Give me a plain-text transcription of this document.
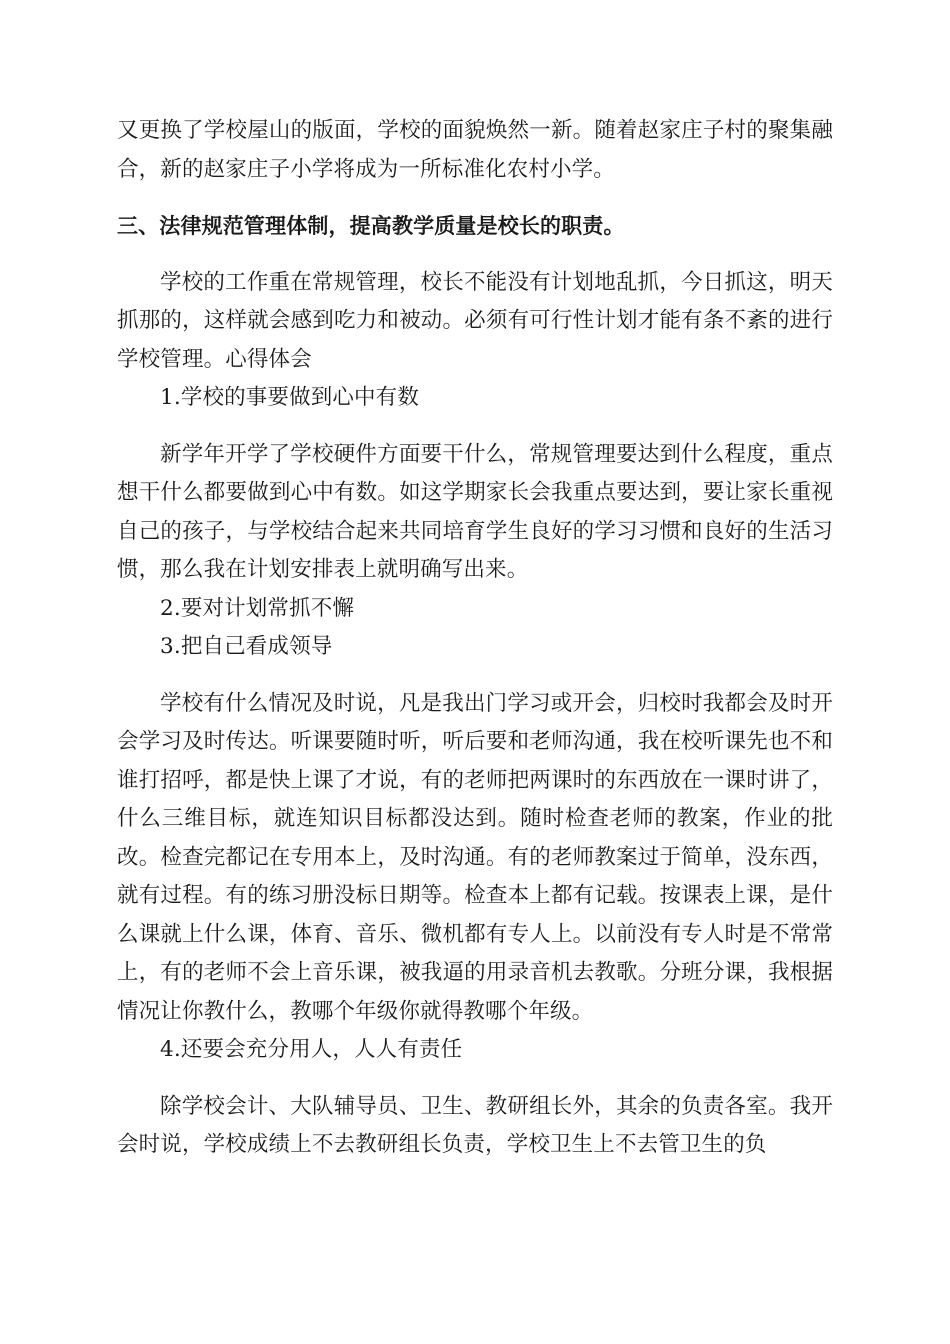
又更换了学校屋山的版面，学校的面貌焕然一新。随着赵家庄子村的聚集融合，新的赵家庄子小学将成为一所标准化农村小学。

三、法律规范管理体制，提高教学质量是校长的职责。

学校的工作重在常规管理，校长不能没有计划地乱抓，今日抓这，明天抓那的，这样就会感到吃力和被动。必须有可行性计划才能有条不紊的进行学校管理。心得体会

1.学校的事要做到心中有数

新学年开学了学校硬件方面要干什么，常规管理要达到什么程度，重点想干什么都要做到心中有数。如这学期家长会我重点要达到，要让家长重视自己的孩子，与学校结合起来共同培育学生良好的学习习惯和良好的生活习惯，那么我在计划安排表上就明确写出来。

2.要对计划常抓不懈

3.把自己看成领导

学校有什么情况及时说，凡是我出门学习或开会，归校时我都会及时开会学习及时传达。听课要随时听，听后要和老师沟通，我在校听课先也不和谁打招呼，都是快上课了才说，有的老师把两课时的东西放在一课时讲了，什么三维目标，就连知识目标都没达到。随时检查老师的教案，作业的批改。检查完都记在专用本上，及时沟通。有的老师教案过于简单，没东西，就有过程。有的练习册没标日期等。检查本上都有记载。按课表上课，是什么课就上什么课，体育、音乐、微机都有专人上。以前没有专人时是不常常上，有的老师不会上音乐课，被我逼的用录音机去教歌。分班分课，我根据情况让你教什么，教哪个年级你就得教哪个年级。

4.还要会充分用人，人人有责任

除学校会计、大队辅导员、卫生、教研组长外，其余的负责各室。我开会时说，学校成绩上不去教研组长负责，学校卫生上不去管卫生的负
